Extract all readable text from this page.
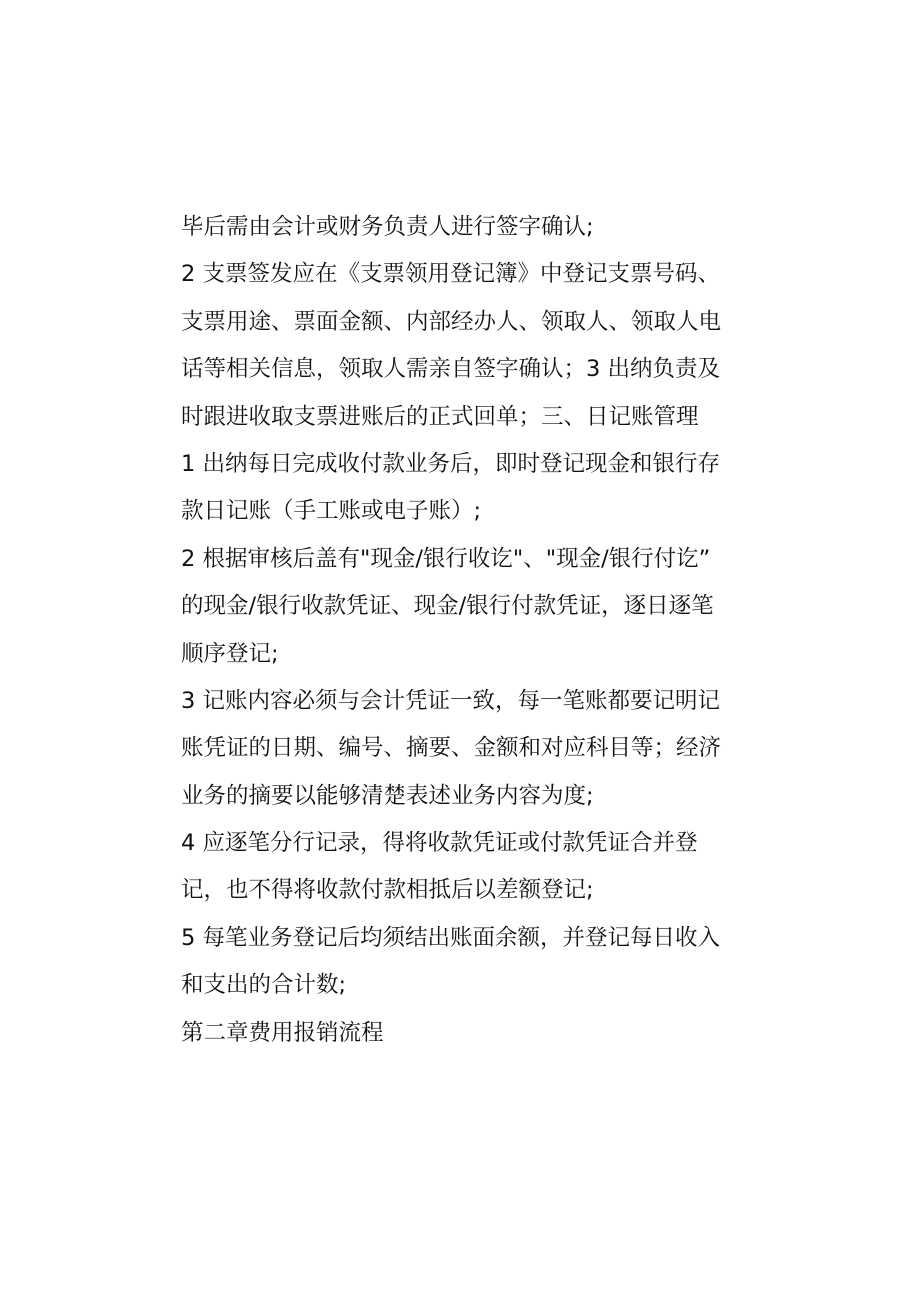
毕后需由会计或财务负责人进行签字确认;
2 支票签发应在《支票领用登记簿》中登记支票号码、
支票用途、票面金额、内部经办人、领取人、领取人电
话等相关信息，领取人需亲自签字确认；3 出纳负责及
时跟进收取支票进账后的正式回单；三、日记账管理
1 出纳每日完成收付款业务后，即时登记现金和银行存
款日记账（手工账或电子账）;
2 根据审核后盖有"现金/银行收讫"、"现金/银行付讫”
的现金/银行收款凭证、现金/银行付款凭证，逐日逐笔
顺序登记;
3 记账内容必须与会计凭证一致，每一笔账都要记明记
账凭证的日期、编号、摘要、金额和对应科目等；经济
业务的摘要以能够清楚表述业务内容为度;
4 应逐笔分行记录，得将收款凭证或付款凭证合并登
记，也不得将收款付款相抵后以差额登记;
5 每笔业务登记后均须结出账面余额，并登记每日收入
和支出的合计数;
第二章费用报销流程
